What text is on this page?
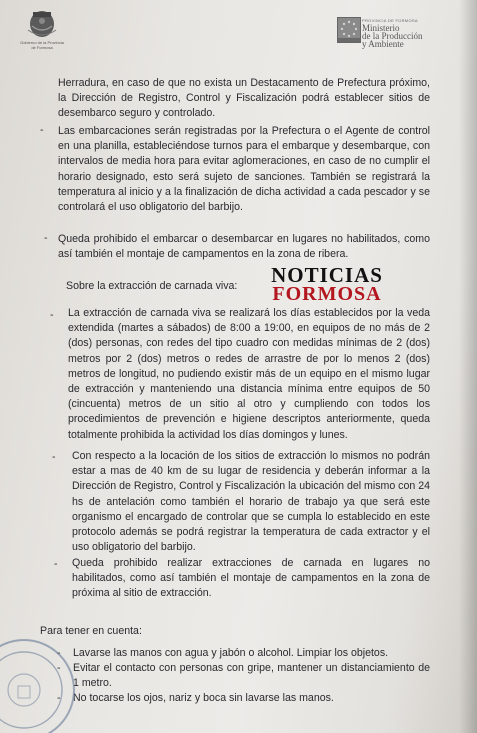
Gobierno de la Provincia de Formosa
PROVINCIA DE FORMOSA
Ministerio
de la Producción
y Ambiente
Herradura, en caso de que no exista un Destacamento de Prefectura próximo, la Dirección de Registro, Control y Fiscalización podrá establecer sitios de desembarco seguro y controlado.
-	Las embarcaciones serán registradas por la Prefectura o el Agente de control en una planilla, estableciéndose turnos para el embarque y desembarque, con intervalos de media hora para evitar aglomeraciones, en caso de no cumplir el horario designado, esto será sujeto de sanciones. También se registrará la temperatura al inicio y a la finalización de dicha actividad a cada pescador y se controlará el uso obligatorio del barbijo.
- Queda prohibido el embarcar o desembarcar en lugares no habilitados, como así también el montaje de campamentos en la zona de ribera.
Sobre la extracción de carnada viva:	NOTICIAS
FORMOSA
-	La extracción de carnada viva se realizará los días establecidos por la veda extendida (martes a sábados) de 8:00 a 19:00, en equipos de no más de 2 (dos) personas, con redes del tipo cuadro con medidas mínimas de 2 (dos) metros por 2 (dos) metros o redes de arrastre de por lo menos 2 (dos) metros de longitud, no pudiendo existir más de un equipo en el mismo lugar de extracción y manteniendo una distancia mínima entre equipos de 50 (cincuenta) metros de un sitio al otro y cumpliendo con todos los procedimientos de prevención e higiene descriptos anteriormente, queda totalmente prohibida la actividad los días domingos y lunes.
-	Con respecto a la locación de los sitios de extracción lo mismos no podrán estar a mas de 40 km de su lugar de residencia y deberán informar a la Dirección de Registro, Control y Fiscalización la ubicación del mismo con 24 hs de antelación como también el horario de trabajo ya que será este organismo el encargado de controlar que se cumpla lo establecido en este protocolo además se podrá registrar la temperatura de cada extractor y el uso obligatorio del barbijo.
-	Queda prohibido realizar extracciones de carnada en lugares no habilitados, como así también el montaje de campamentos en la zona de próxima al sitio de extracción.
Para tener en cuenta:
-	Lavarse las manos con agua y jabón o alcohol. Limpiar los objetos.
-	Evitar el contacto con personas con gripe, mantener un distanciamiento de 1 metro.
-	No tocarse los ojos, nariz y boca sin lavarse las manos.
